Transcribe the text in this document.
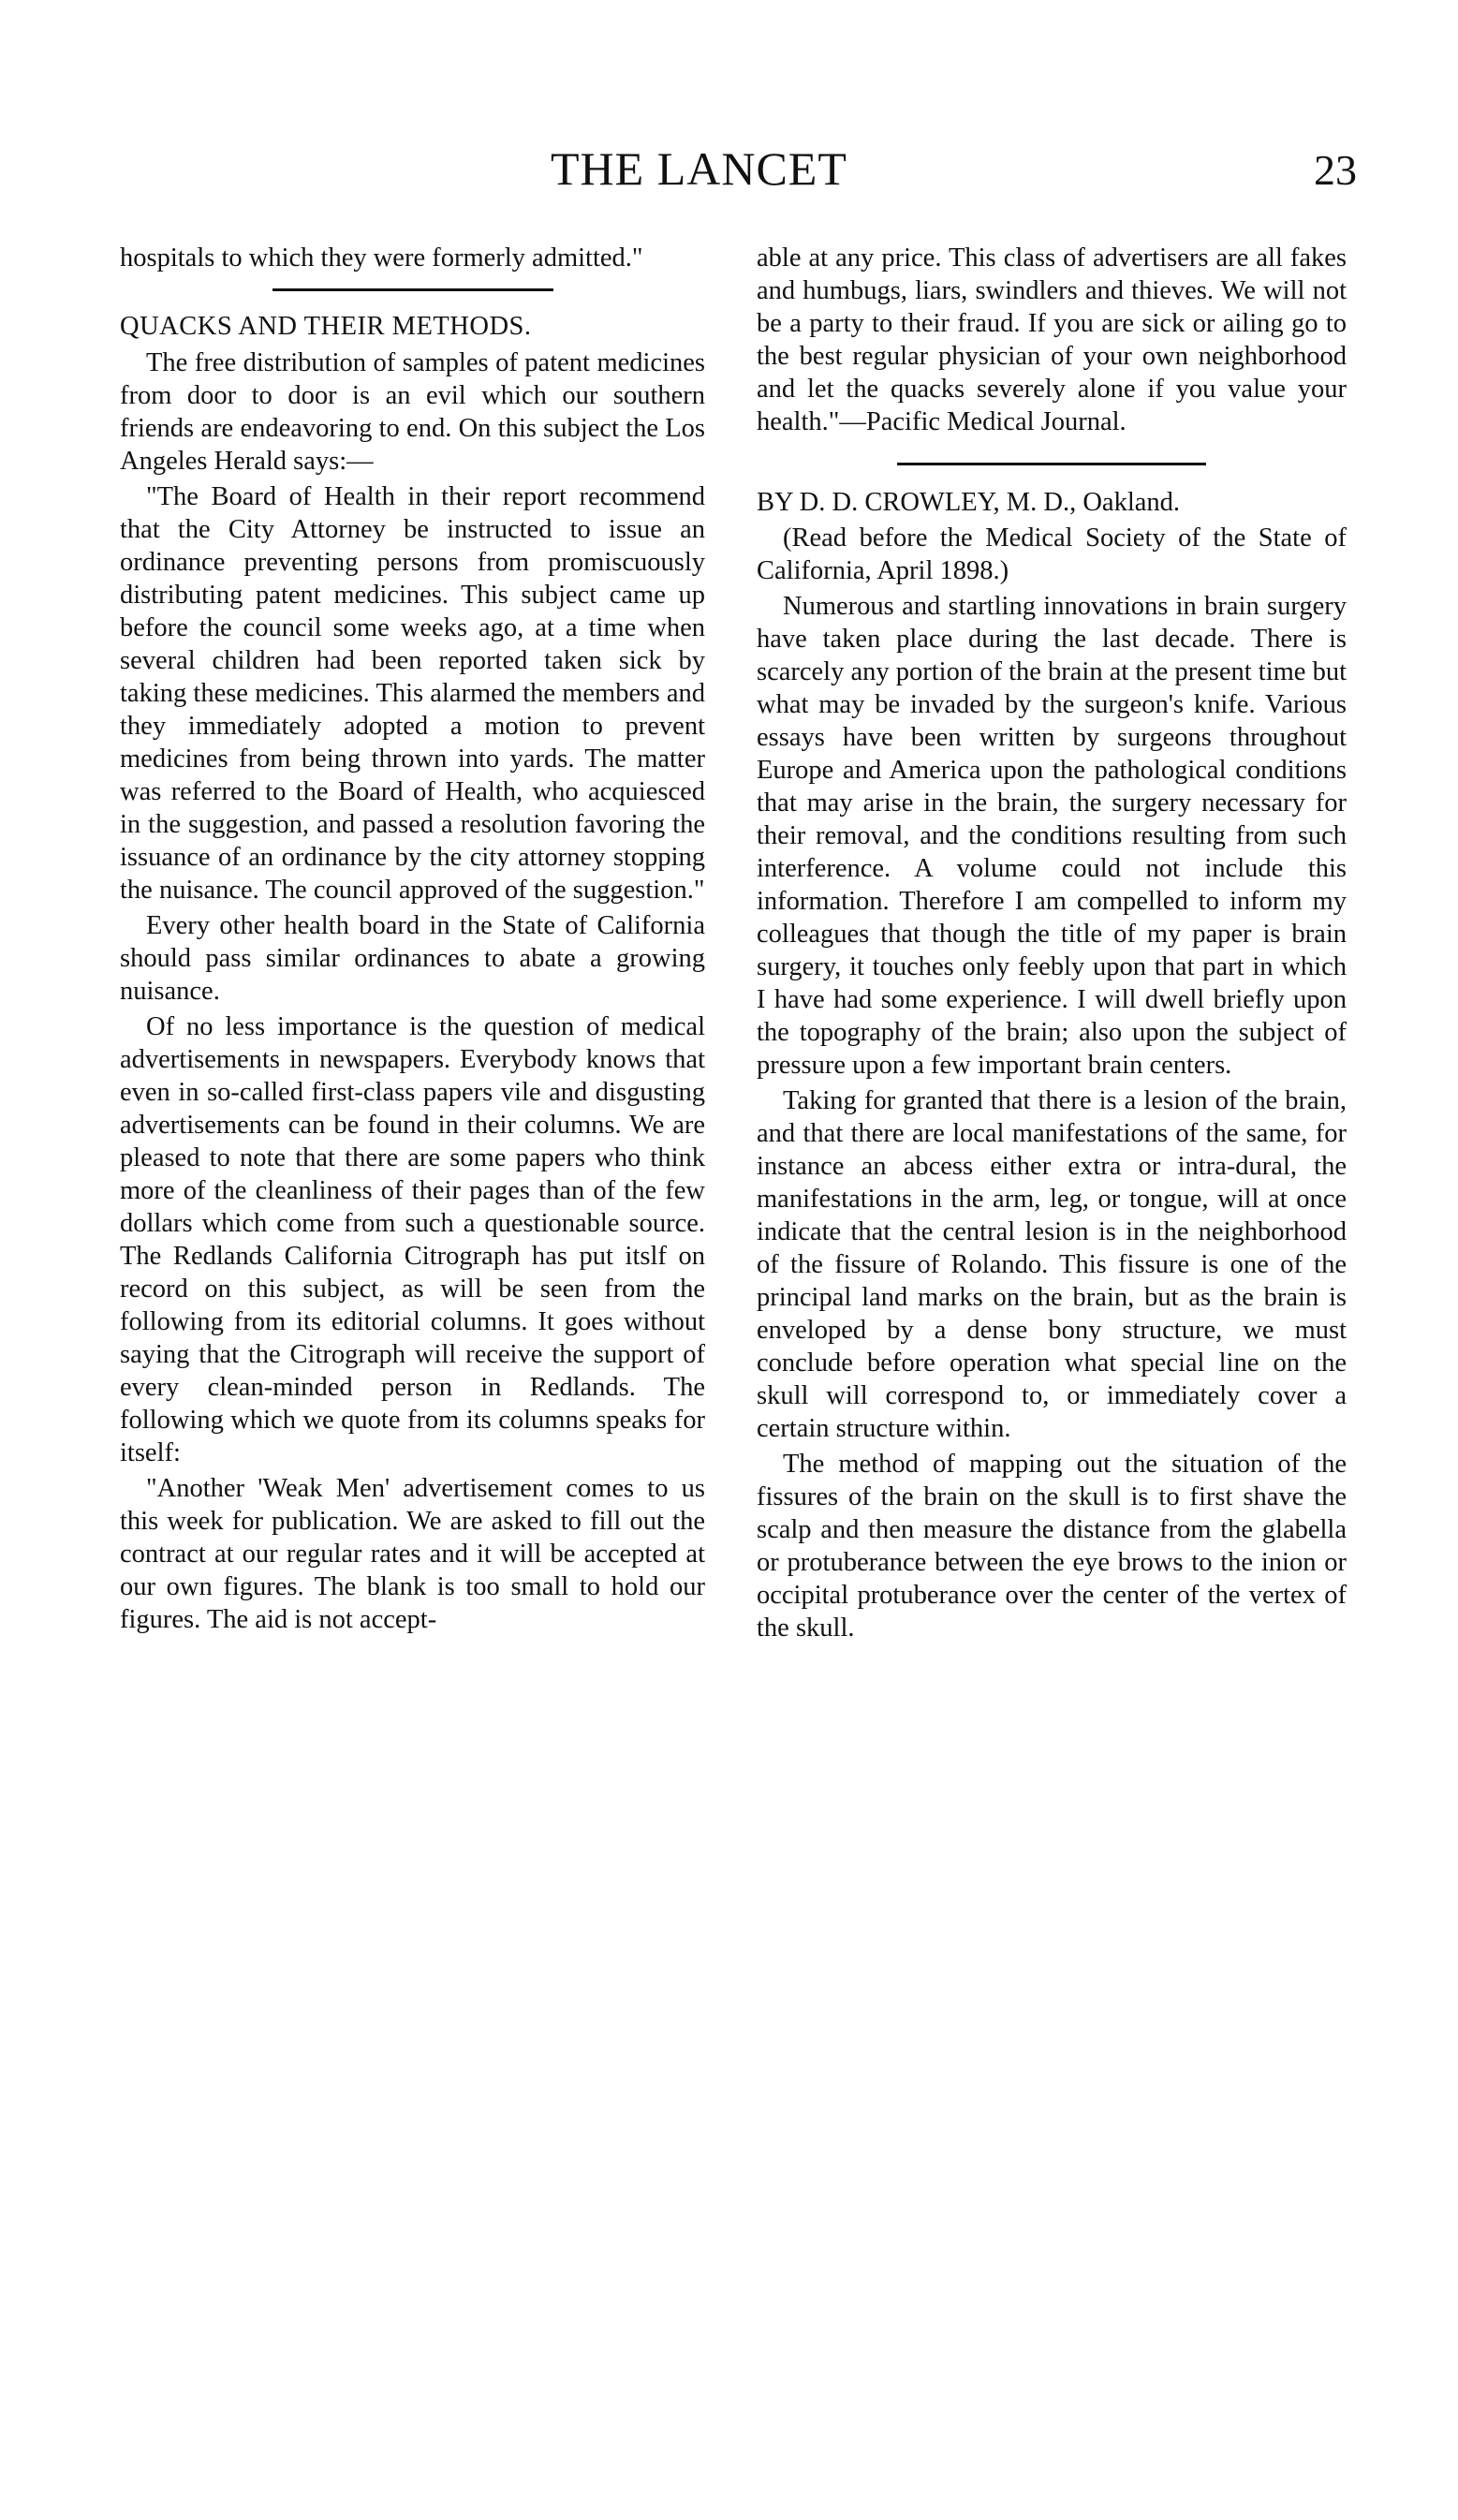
THE LANCET	23

hospitals to which they were formerly admitted."

QUACKS AND THEIR METHODS.

The free distribution of samples of patent medicines from door to door is an evil which our southern friends are endeavoring to end. On this subject the Los Angeles Herald says:—

"The Board of Health in their report recommend that the City Attorney be instructed to issue an ordinance preventing persons from promiscuously distributing patent medicines. This subject came up before the council some weeks ago, at a time when several children had been reported taken sick by taking these medicines. This alarmed the members and they immediately adopted a motion to prevent medicines from being thrown into yards. The matter was referred to the Board of Health, who acquiesced in the suggestion, and passed a resolution favoring the issuance of an ordinance by the city attorney stopping the nuisance. The council approved of the suggestion."

Every other health board in the State of California should pass similar ordinances to abate a growing nuisance.

Of no less importance is the question of medical advertisements in newspapers. Everybody knows that even in so-called first-class papers vile and disgusting advertisements can be found in their columns. We are pleased to note that there are some papers who think more of the cleanliness of their pages than of the few dollars which come from such a questionable source. The Redlands California Citrograph has put itslf on record on this subject, as will be seen from the following from its editorial columns. It goes without saying that the Citrograph will receive the support of every clean-minded person in Redlands. The following which we quote from its columns speaks for itself:

"Another 'Weak Men' advertisement comes to us this week for publication. We are asked to fill out the contract at our regular rates and it will be accepted at our own figures. The blank is too small to hold our figures. The aid is not accept-

able at any price. This class of advertisers are all fakes and humbugs, liars, swindlers and thieves. We will not be a party to their fraud. If you are sick or ailing go to the best regular physician of your own neighborhood and let the quacks severely alone if you value your health."—Pacific Medical Journal.

BY D. D. CROWLEY, M. D., Oakland.

(Read before the Medical Society of the State of California, April 1898.)

Numerous and startling innovations in brain surgery have taken place during the last decade. There is scarcely any portion of the brain at the present time but what may be invaded by the surgeon's knife. Various essays have been written by surgeons throughout Europe and America upon the pathological conditions that may arise in the brain, the surgery necessary for their removal, and the conditions resulting from such interference. A volume could not include this information. Therefore I am compelled to inform my colleagues that though the title of my paper is brain surgery, it touches only feebly upon that part in which I have had some experience. I will dwell briefly upon the topography of the brain; also upon the subject of pressure upon a few important brain centers.

Taking for granted that there is a lesion of the brain, and that there are local manifestations of the same, for instance an abcess either extra or intra-dural, the manifestations in the arm, leg, or tongue, will at once indicate that the central lesion is in the neighborhood of the fissure of Rolando. This fissure is one of the principal land marks on the brain, but as the brain is enveloped by a dense bony structure, we must conclude before operation what special line on the skull will correspond to, or immediately cover a certain structure within.

The method of mapping out the situation of the fissures of the brain on the skull is to first shave the scalp and then measure the distance from the glabella or protuberance between the eye brows to the inion or occipital protuberance over the center of the vertex of the skull.
